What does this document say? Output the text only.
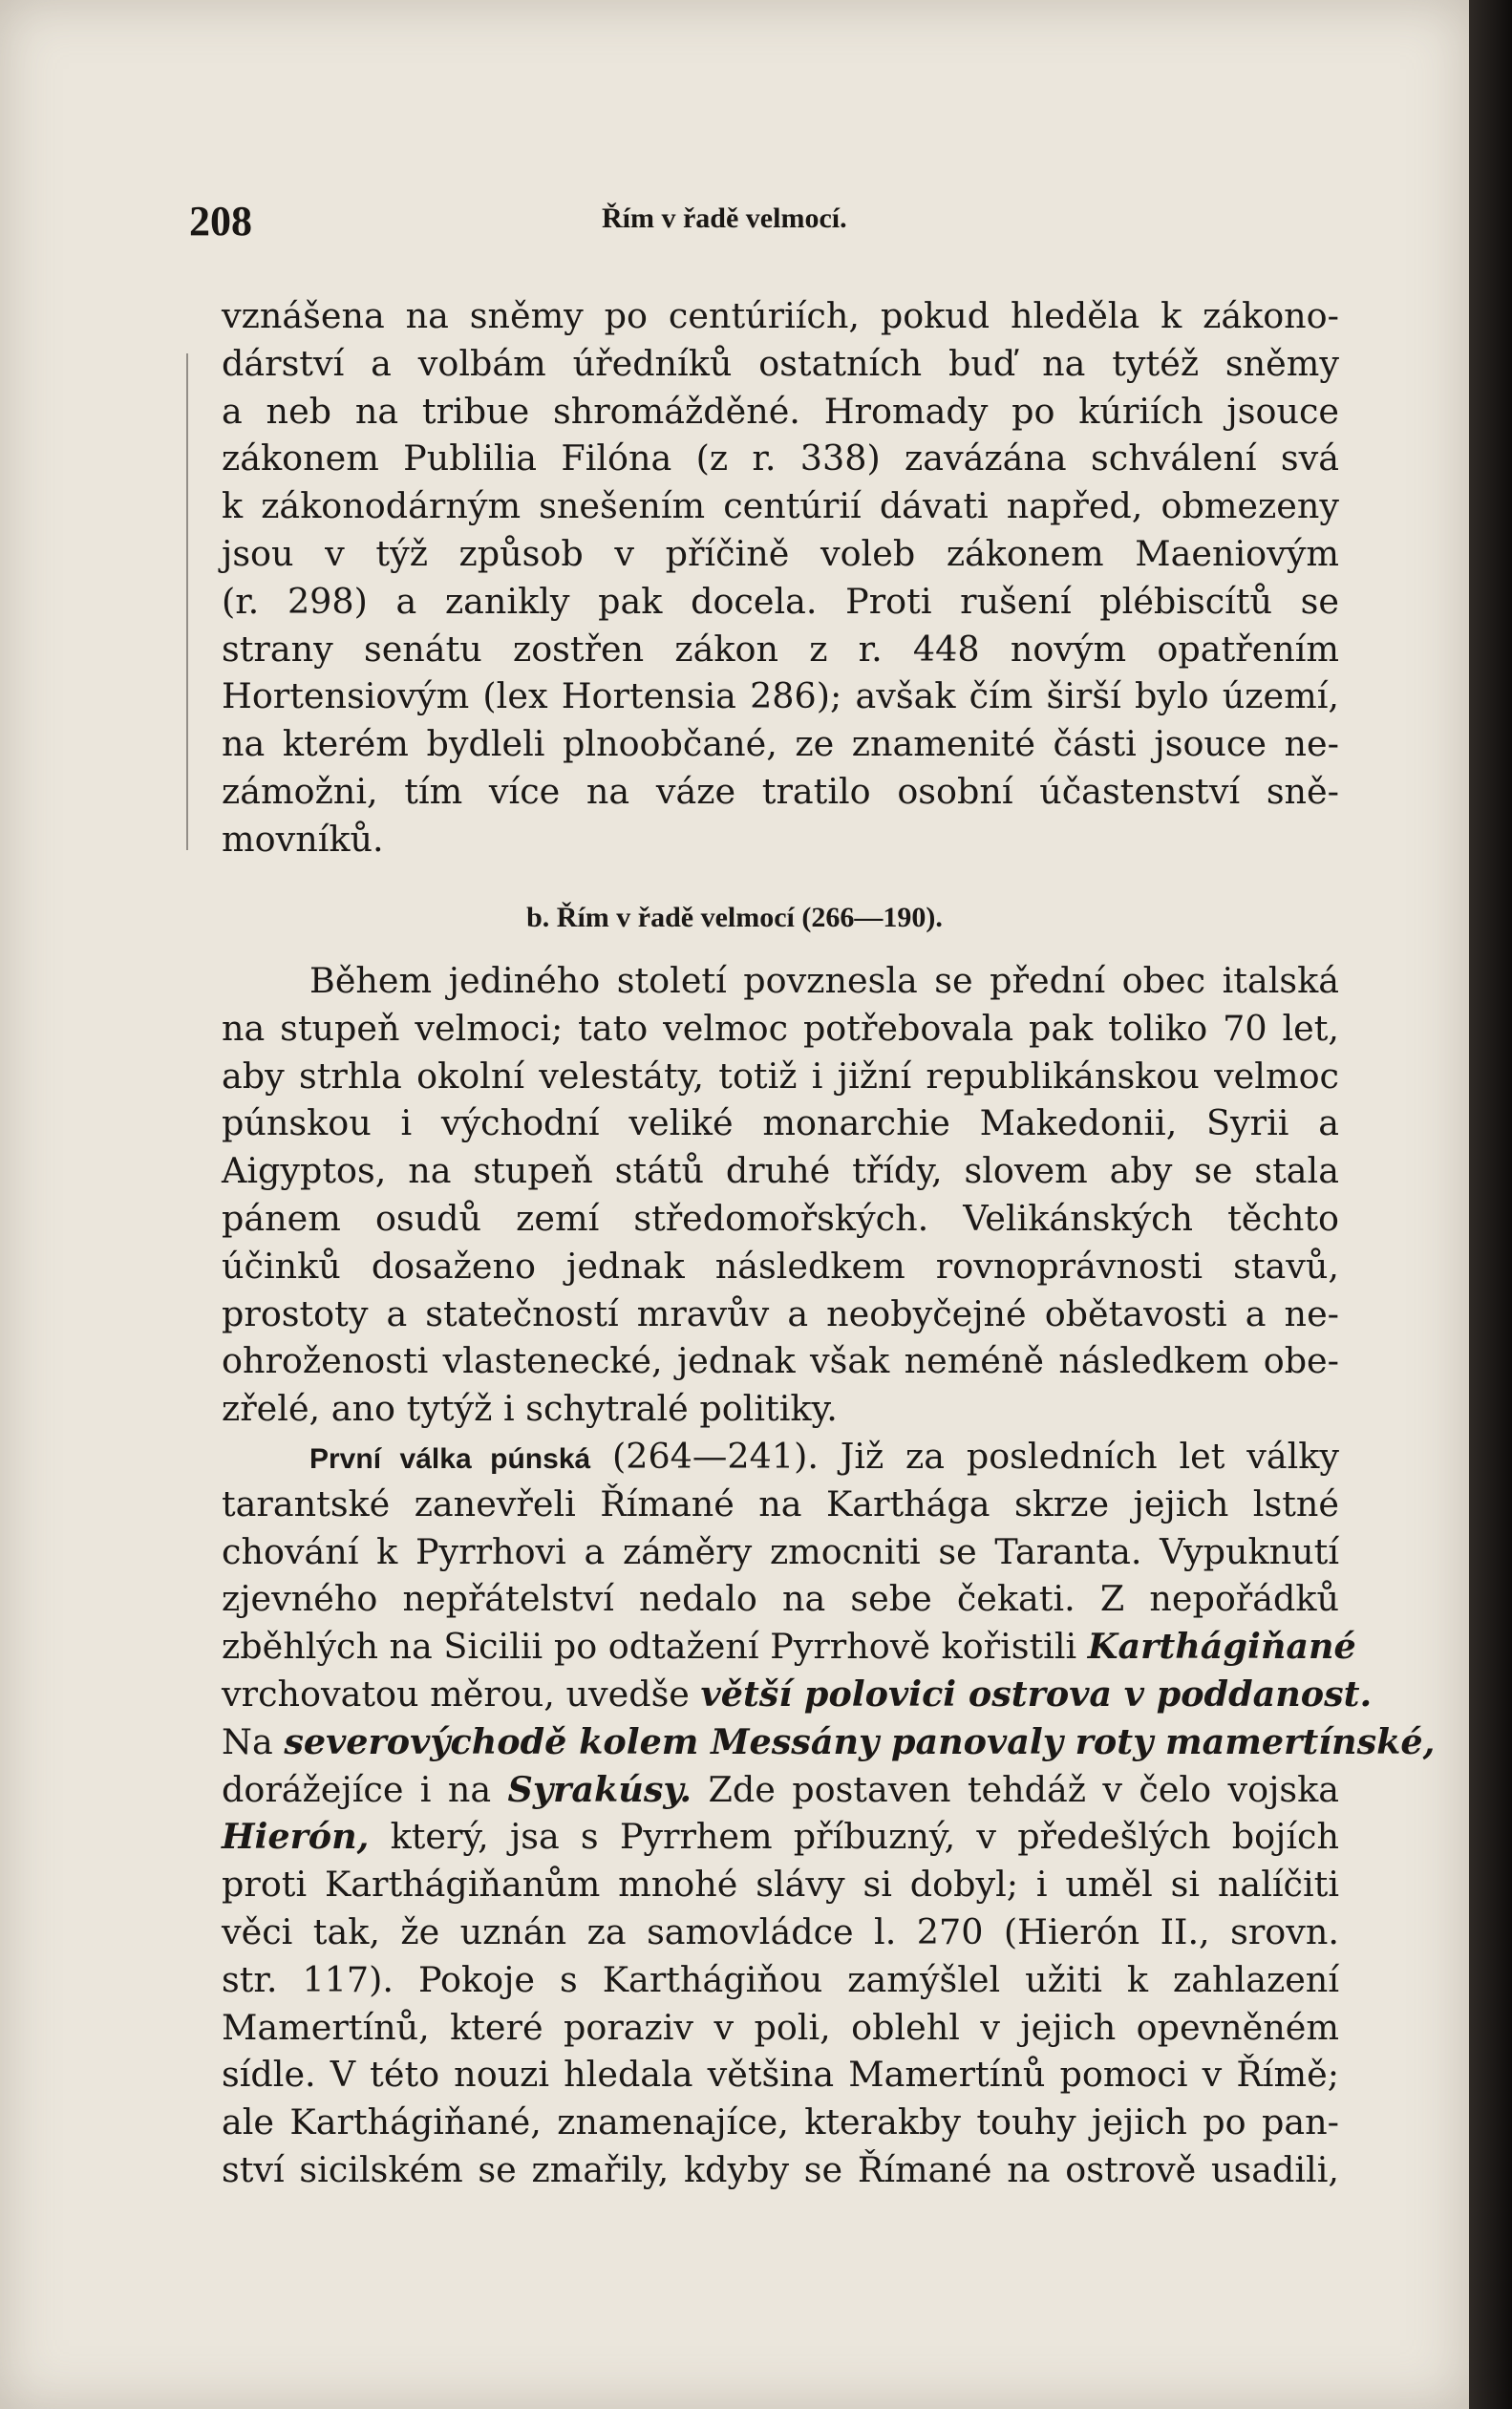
208	Řím v řadě velmocí.
vznášena na sněmy po centúriích, pokud hleděla k zákono-
dárství a volbám úředníků ostatních buď na tytéž sněmy
a neb na tribue shromážděné. Hromady po kúriích jsouce
zákonem Publilia Filóna (z r. 338) zavázána schválení svá
k zákonodárným snešením centúrií dávati napřed, obmezeny
jsou v týž způsob v příčině voleb zákonem Maeniovým
(r. 298) a zanikly pak docela. Proti rušení plébiscítů se
strany senátu zostřen zákon z r. 448 novým opatřením
Hortensiovým (lex Hortensia 286); avšak čím širší bylo území,
na kterém bydleli plnoobčané, ze znamenité části jsouce ne-
zámožni, tím více na váze tratilo osobní účastenství sně-
movníků.
b. Řím v řadě velmocí (266—190).
Během jediného století povznesla se přední obec italská
na stupeň velmoci; tato velmoc potřebovala pak toliko 70 let,
aby strhla okolní velestáty, totiž i jižní republikánskou velmoc
púnskou i východní veliké monarchie Makedonii, Syrii a
Aigyptos, na stupeň států druhé třídy, slovem aby se stala
pánem osudů zemí středomořských. Velikánských těchto
účinků dosaženo jednak následkem rovnoprávnosti stavů,
prostoty a statečností mravův a neobyčejné obětavosti a ne-
ohroženosti vlastenecké, jednak však neméně následkem obe-
zřelé, ano tytýž i schytralé politiky.
První válka púnská (264—241). Již za posledních let války
tarantské zanevřeli Římané na Karthága skrze jejich lstné
chování k Pyrrhovi a záměry zmocniti se Taranta. Vypuknutí
zjevného nepřátelství nedalo na sebe čekati. Z nepořádků
zběhlých na Sicilii po odtažení Pyrrhově kořistili Karthágiňané
vrchovatou měrou, uvedše větší polovici ostrova v poddanost.
Na severovýchodě kolem Messány panovaly roty mamertínské,
dorážejíce i na Syrakúsy. Zde postaven tehdáž v čelo vojska
Hierón, který, jsa s Pyrrhem příbuzný, v předešlých bojích
proti Karthágiňanům mnohé slávy si dobyl; i uměl si nalíčiti
věci tak, že uznán za samovládce l. 270 (Hierón II., srovn.
str. 117). Pokoje s Karthágiňou zamýšlel užiti k zahlazení
Mamertínů, které poraziv v poli, oblehl v jejich opevněném
sídle. V této nouzi hledala většina Mamertínů pomoci v Římě;
ale Karthágiňané, znamenajíce, kterakby touhy jejich po pan-
ství sicilském se zmařily, kdyby se Římané na ostrově usadili,
